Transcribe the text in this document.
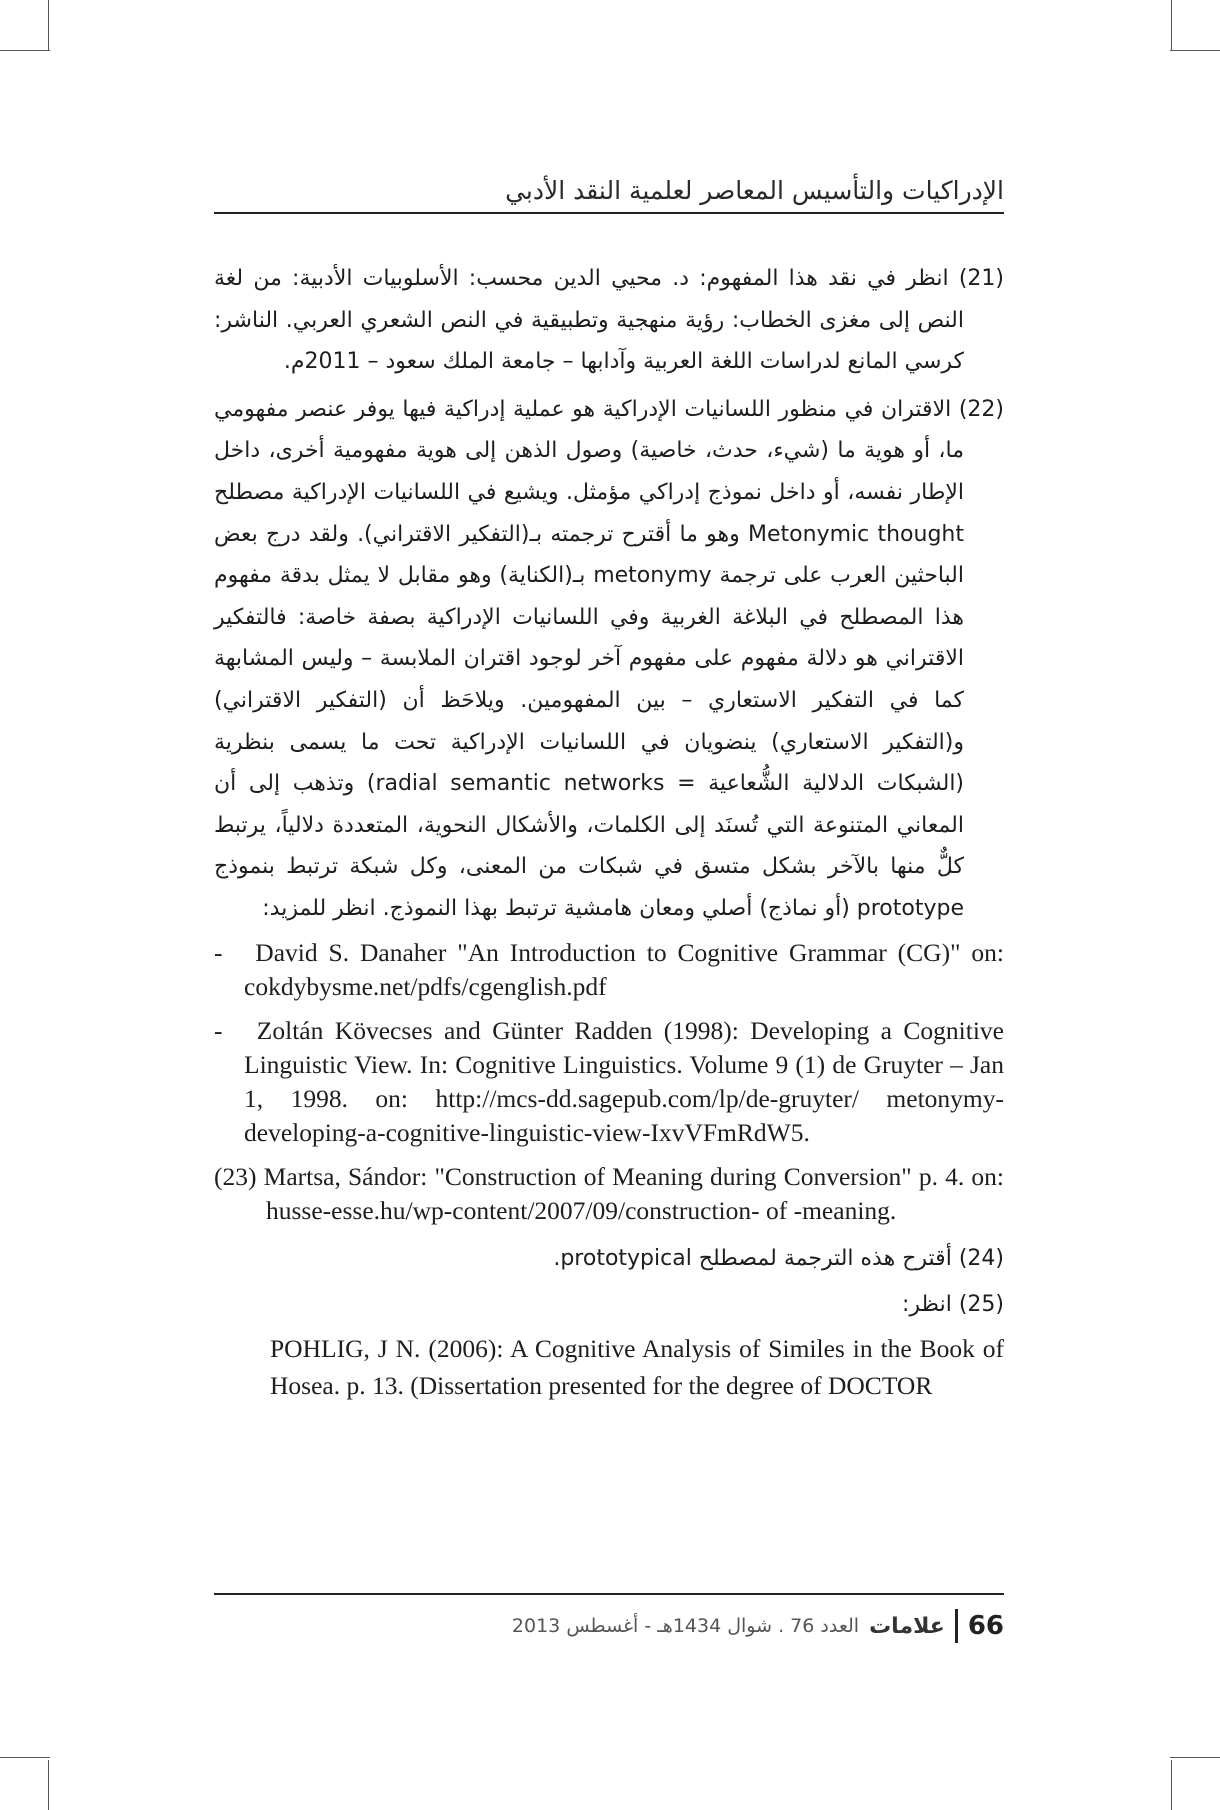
الإدراكيات والتأسيس المعاصر لعلمية النقد الأدبي
(21) انظر في نقد هذا المفهوم: د. محيي الدين محسب: الأسلوبيات الأدبية: من لغة النص إلى مغزى الخطاب: رؤية منهجية وتطبيقية في النص الشعري العربي. الناشر: كرسي المانع لدراسات اللغة العربية وآدابها – جامعة الملك سعود – 2011م.
(22) الاقتران في منظور اللسانيات الإدراكية هو عملية إدراكية فيها يوفر عنصر مفهومي ما، أو هوية ما (شيء، حدث، خاصية) وصول الذهن إلى هوية مفهومية أخرى، داخل الإطار نفسه، أو داخل نموذج إدراكي مؤمثل. ويشيع في اللسانيات الإدراكية مصطلح Metonymic thought وهو ما أقترح ترجمته بـ(التفكير الاقتراني). ولقد درج بعض الباحثين العرب على ترجمة metonymy بـ(الكناية) وهو مقابل لا يمثل بدقة مفهوم هذا المصطلح في البلاغة الغربية وفي اللسانيات الإدراكية بصفة خاصة: فالتفكير الاقتراني هو دلالة مفهوم على مفهوم آخر لوجود اقتران الملابسة – وليس المشابهة كما في التفكير الاستعاري – بين المفهومين. ويلاحَظ أن (التفكير الاقتراني) و(التفكير الاستعاري) ينضويان في اللسانيات الإدراكية تحت ما يسمى بنظرية (الشبكات الدلالية الشُّعاعية = radial semantic networks) وتذهب إلى أن المعاني المتنوعة التي تُسنَد إلى الكلمات، والأشكال النحوية، المتعددة دلالياً، يرتبط كلٌّ منها بالآخر بشكل متسق في شبكات من المعنى، وكل شبكة ترتبط بنموذج prototype (أو نماذج) أصلي ومعان هامشية ترتبط بهذا النموذج. انظر للمزيد:
- David S. Danaher "An Introduction to Cognitive Grammar (CG)" on: cokdybysme.net/pdfs/cgenglish.pdf
- Zoltán Kövecses and Günter Radden (1998): Developing a Cognitive Linguistic View. In: Cognitive Linguistics. Volume 9 (1) de Gruyter – Jan 1, 1998. on: http://mcs-dd.sagepub.com/lp/de-gruyter/ metonymy-developing-a-cognitive-linguistic-view-IxvVFmRdW5.
(23) Martsa, Sándor: "Construction of Meaning during Conversion" p. 4. on: husse-esse.hu/wp-content/2007/09/construction- of -meaning.
(24) أقترح هذه الترجمة لمصطلح prototypical.
(25) انظر:
POHLIG, J N. (2006): A Cognitive Analysis of Similes in the Book of Hosea. p. 13. (Dissertation presented for the degree of DOCTOR
66
علامات
العدد 76 . شوال 1434هـ - أغسطس 2013
